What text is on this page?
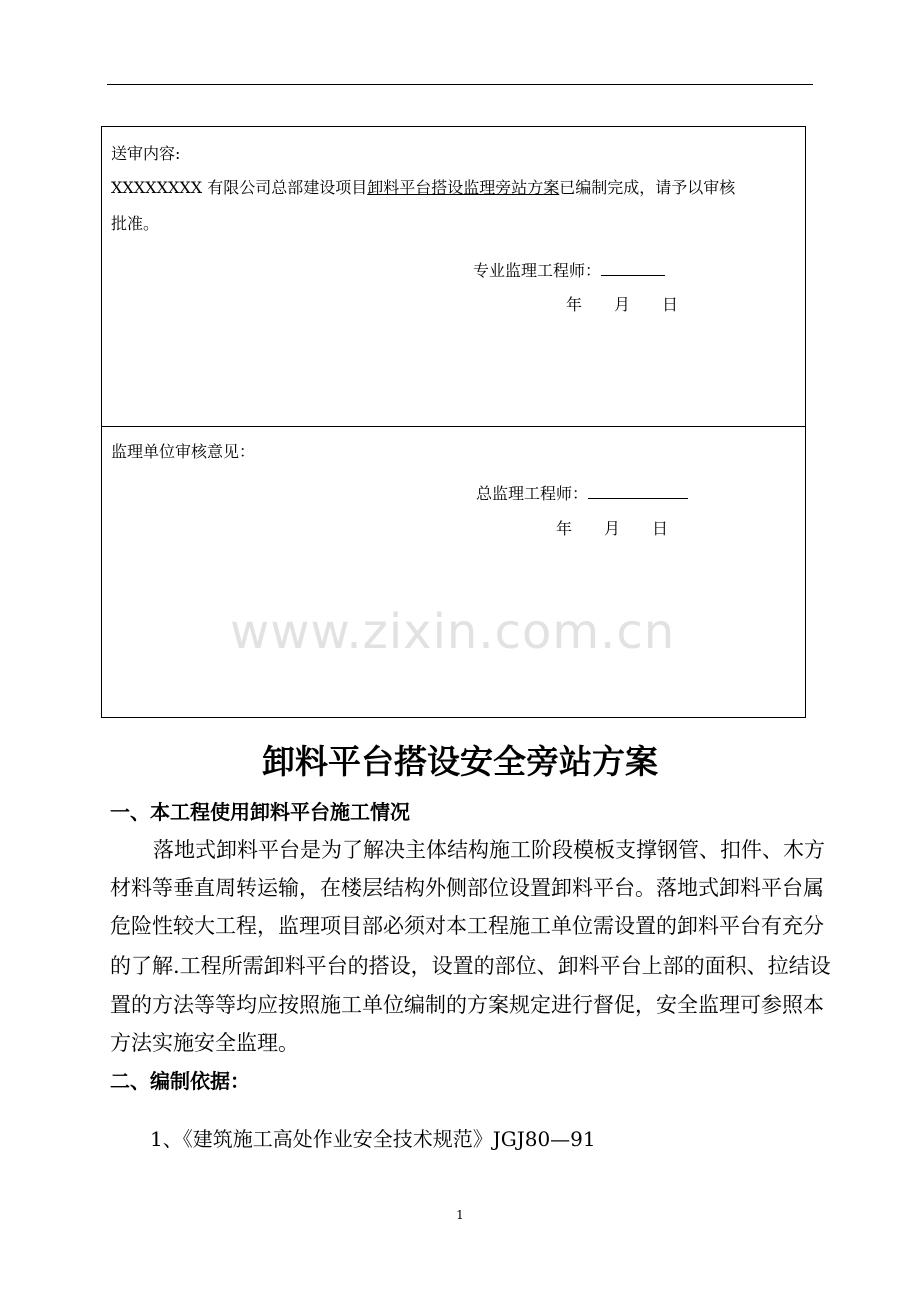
送审内容:
XXXXXXXX 有限公司总部建设项目卸料平台搭设监理旁站方案已编制完成，请予以审核
批准。
专业监理工程师：
年　　月　　日
监理单位审核意见：
总监理工程师：
年　　月　　日
www.zixin.com.cn
卸料平台搭设安全旁站方案
一、本工程使用卸料平台施工情况
落地式卸料平台是为了解决主体结构施工阶段模板支撑钢管、扣件、木方
材料等垂直周转运输，在楼层结构外侧部位设置卸料平台。落地式卸料平台属
危险性较大工程，监理项目部必须对本工程施工单位需设置的卸料平台有充分
的了解.工程所需卸料平台的搭设，设置的部位、卸料平台上部的面积、拉结设
置的方法等等均应按照施工单位编制的方案规定进行督促，安全监理可参照本
方法实施安全监理。
二、编制依据：
1、《建筑施工高处作业安全技术规范》JGJ80—91
1
